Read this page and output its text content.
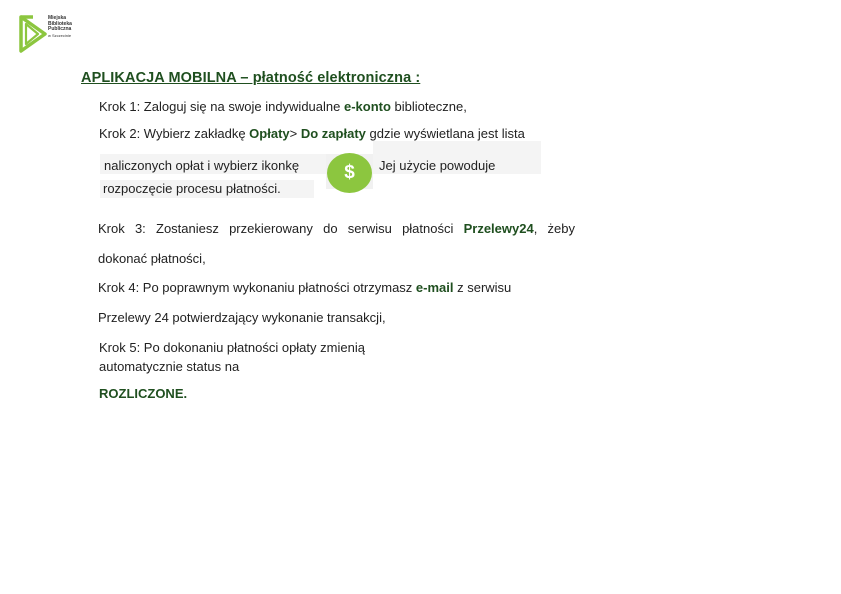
Miejska
Biblioteka
Publiczna
w Szczecinie
APLIKACJA MOBILNA – płatność elektroniczna :
Krok 1: Zaloguj się na swoje indywidualne e-konto biblioteczne,
Krok 2: Wybierz zakładkę Opłaty> Do zapłaty gdzie wyświetlana jest lista
naliczonych opłat i wybierz ikonkę	$	Jej użycie powoduje
rozpoczęcie procesu płatności.
Krok 3: Zostaniesz przekierowany do serwisu płatności Przelewy24, żeby
dokonać płatności,
Krok 4: Po poprawnym wykonaniu płatności otrzymasz e-mail z serwisu
Przelewy 24 potwierdzający wykonanie transakcji,
Krok 5: Po dokonaniu płatności opłaty zmienią
automatycznie status na
ROZLICZONE.
